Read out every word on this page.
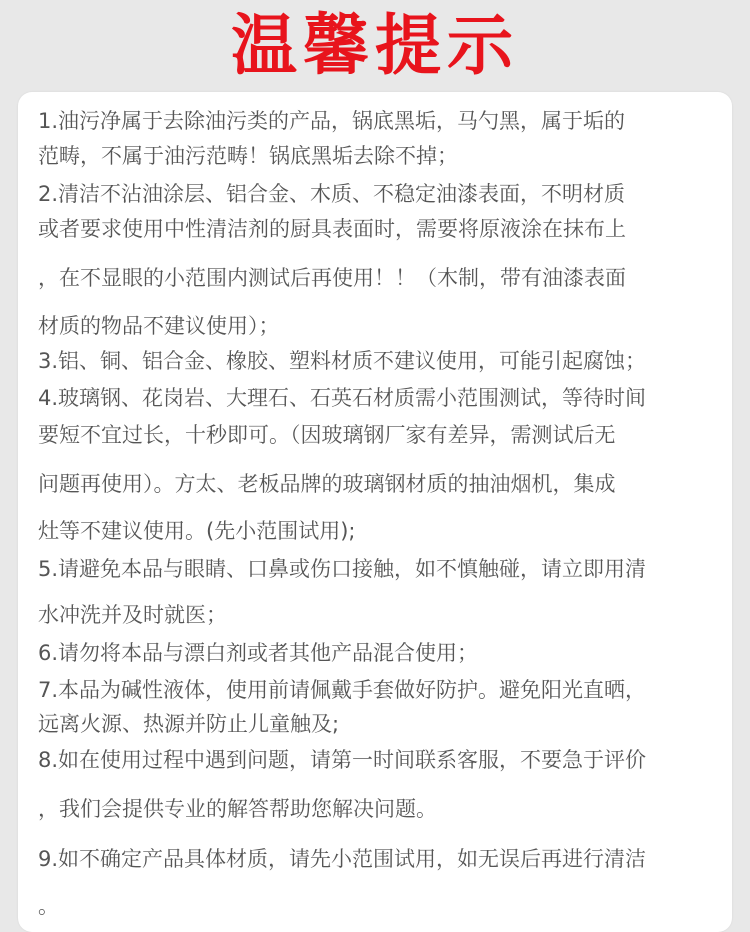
温馨提示
1.油污净属于去除油污类的产品，锅底黑垢，马勺黑，属于垢的
范畴，不属于油污范畴！锅底黑垢去除不掉；
2.清洁不沾油涂层、铝合金、木质、不稳定油漆表面，不明材质
或者要求使用中性清洁剂的厨具表面时，需要将原液涂在抹布上
，在不显眼的小范围内测试后再使用！！（木制，带有油漆表面
材质的物品不建议使用）；
3.铝、铜、铝合金、橡胶、塑料材质不建议使用，可能引起腐蚀；
4.玻璃钢、花岗岩、大理石、石英石材质需小范围测试，等待时间
要短不宜过长，十秒即可。（因玻璃钢厂家有差异，需测试后无
问题再使用）。方太、老板品牌的玻璃钢材质的抽油烟机，集成
灶等不建议使用。(先小范围试用);
5.请避免本品与眼睛、口鼻或伤口接触，如不慎触碰，请立即用清
水冲洗并及时就医；
6.请勿将本品与漂白剂或者其他产品混合使用；
7.本品为碱性液体，使用前请佩戴手套做好防护。避免阳光直晒，
远离火源、热源并防止儿童触及;
8.如在使用过程中遇到问题，请第一时间联系客服，不要急于评价
，我们会提供专业的解答帮助您解决问题。
9.如不确定产品具体材质，请先小范围试用，如无误后再进行清洁
。
